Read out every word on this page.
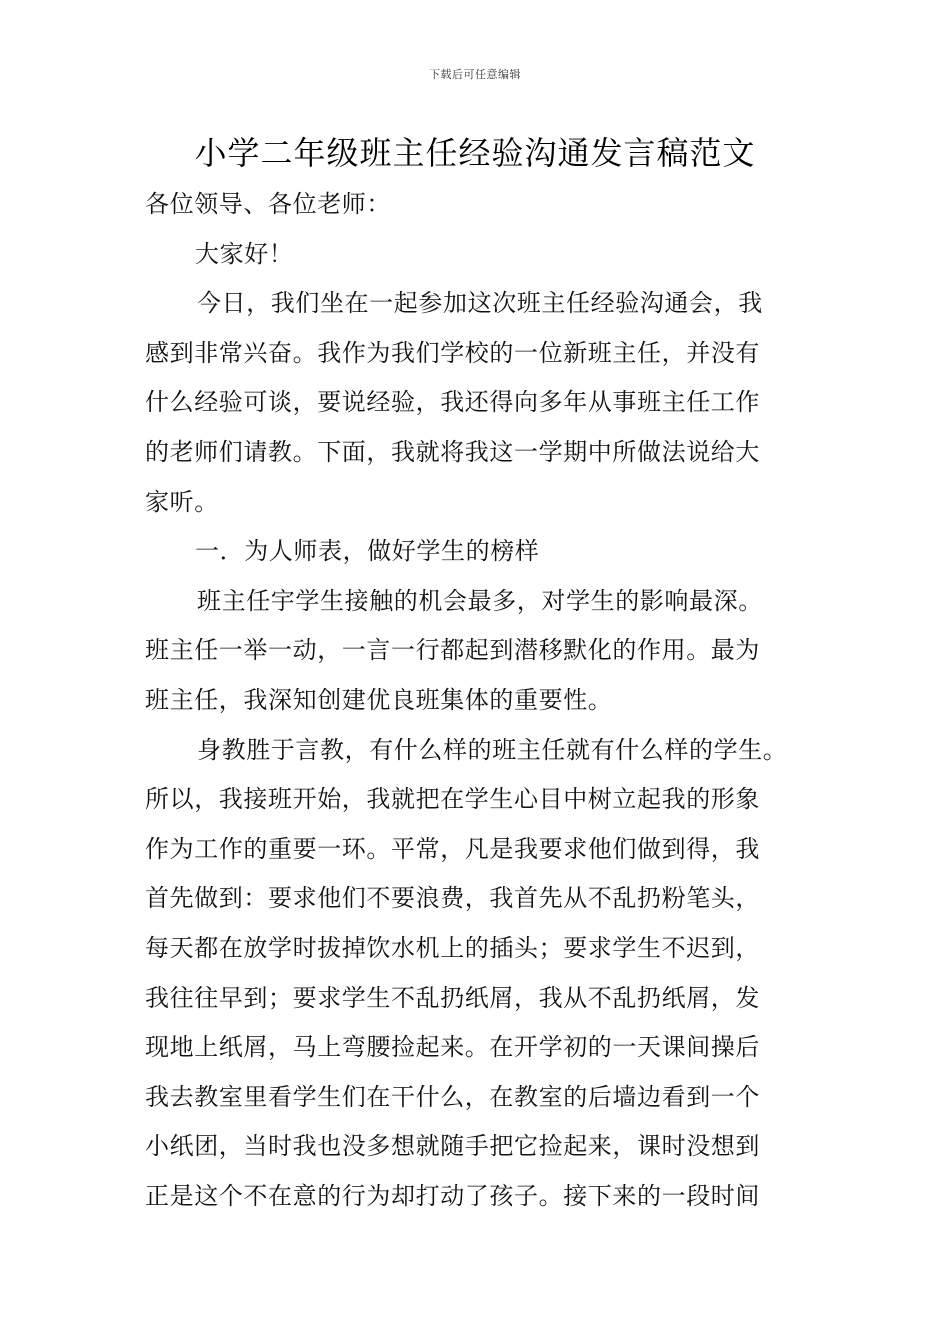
下载后可任意编辑
小学二年级班主任经验沟通发言稿范文

各位领导、各位老师：

大家好！

今日，我们坐在一起参加这次班主任经验沟通会，我

感到非常兴奋。我作为我们学校的一位新班主任，并没有

什么经验可谈，要说经验，我还得向多年从事班主任工作

的老师们请教。下面，我就将我这一学期中所做法说给大

家听。

一．为人师表，做好学生的榜样

班主任宇学生接触的机会最多，对学生的影响最深。

班主任一举一动，一言一行都起到潜移默化的作用。最为

班主任，我深知创建优良班集体的重要性。

身教胜于言教，有什么样的班主任就有什么样的学生。

所以，我接班开始，我就把在学生心目中树立起我的形象

作为工作的重要一环。平常，凡是我要求他们做到得，我

首先做到：要求他们不要浪费，我首先从不乱扔粉笔头，

每天都在放学时拔掉饮水机上的插头；要求学生不迟到，

我往往早到；要求学生不乱扔纸屑，我从不乱扔纸屑，发

现地上纸屑，马上弯腰捡起来。在开学初的一天课间操后

我去教室里看学生们在干什么，在教室的后墙边看到一个

小纸团，当时我也没多想就随手把它捡起来，课时没想到

正是这个不在意的行为却打动了孩子。接下来的一段时间
